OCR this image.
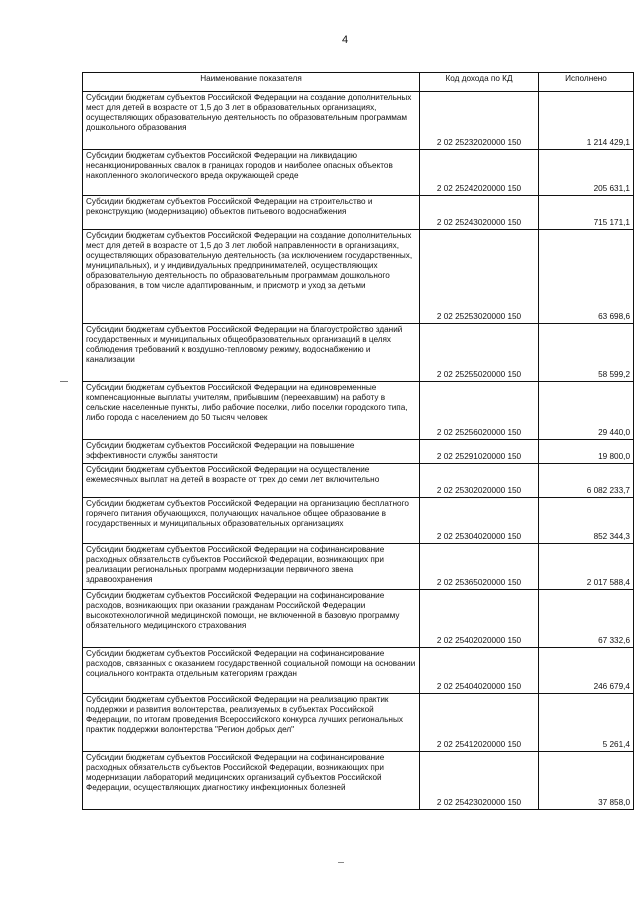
4
Наименование показателя	Код дохода по КД	Исполнено
Субсидии бюджетам субъектов Российской Федерации на создание дополнительных мест для детей в возрасте от 1,5 до 3 лет в образовательных организациях, осуществляющих образовательную деятельность по образовательным программам дошкольного образования	2 02 25232020000 150	1 214 429,1
Субсидии бюджетам субъектов Российской Федерации на ликвидацию несанкционированных свалок в границах городов и наиболее опасных объектов накопленного экологического вреда окружающей среде	2 02 25242020000 150	205 631,1
Субсидии бюджетам субъектов Российской Федерации на строительство и реконструкцию (модернизацию) объектов питьевого водоснабжения	2 02 25243020000 150	715 171,1
Субсидии бюджетам субъектов Российской Федерации на создание дополнительных мест для детей в возрасте от 1,5 до 3 лет любой направленности в организациях, осуществляющих образовательную деятельность (за исключением государственных, муниципальных), и у индивидуальных предпринимателей, осуществляющих образовательную деятельность по образовательным программам дошкольного образования, в том числе адаптированным, и присмотр и уход за детьми	2 02 25253020000 150	63 698,6
Субсидии бюджетам субъектов Российской Федерации на благоустройство зданий государственных и муниципальных общеобразовательных организаций в целях соблюдения требований к воздушно-тепловому режиму, водоснабжению и канализации	2 02 25255020000 150	58 599,2
Субсидии бюджетам субъектов Российской Федерации на единовременные компенсационные выплаты учителям, прибывшим (переехавшим) на работу в сельские населенные пункты, либо рабочие поселки, либо поселки городского типа, либо города с населением до 50 тысяч человек	2 02 25256020000 150	29 440,0
Субсидии бюджетам субъектов Российской Федерации на повышение эффективности службы занятости	2 02 25291020000 150	19 800,0
Субсидии бюджетам субъектов Российской Федерации на осуществление ежемесячных выплат на детей в возрасте от трех до семи лет включительно	2 02 25302020000 150	6 082 233,7
Субсидии бюджетам субъектов Российской Федерации на организацию бесплатного горячего питания обучающихся, получающих начальное общее образование в государственных и муниципальных образовательных организациях	2 02 25304020000 150	852 344,3
Субсидии бюджетам субъектов Российской Федерации на софинансирование расходных обязательств субъектов Российской Федерации, возникающих при реализации региональных программ модернизации первичного звена здравоохранения	2 02 25365020000 150	2 017 588,4
Субсидии бюджетам субъектов Российской Федерации на софинансирование расходов, возникающих при оказании гражданам Российской Федерации высокотехнологичной медицинской помощи, не включенной в базовую программу обязательного медицинского страхования	2 02 25402020000 150	67 332,6
Субсидии бюджетам субъектов Российской Федерации на софинансирование расходов, связанных с оказанием государственной социальной помощи на основании социального контракта отдельным категориям граждан	2 02 25404020000 150	246 679,4
Субсидии бюджетам субъектов Российской Федерации на реализацию практик поддержки и развития волонтерства, реализуемых в субъектах Российской Федерации, по итогам проведения Всероссийского конкурса лучших региональных практик поддержки волонтерства "Регион добрых дел"	2 02 25412020000 150	5 261,4
Субсидии бюджетам субъектов Российской Федерации на софинансирование расходных обязательств субъектов Российской Федерации, возникающих при модернизации лабораторий медицинских организаций субъектов Российской Федерации, осуществляющих диагностику инфекционных болезней	2 02 25423020000 150	37 858,0
